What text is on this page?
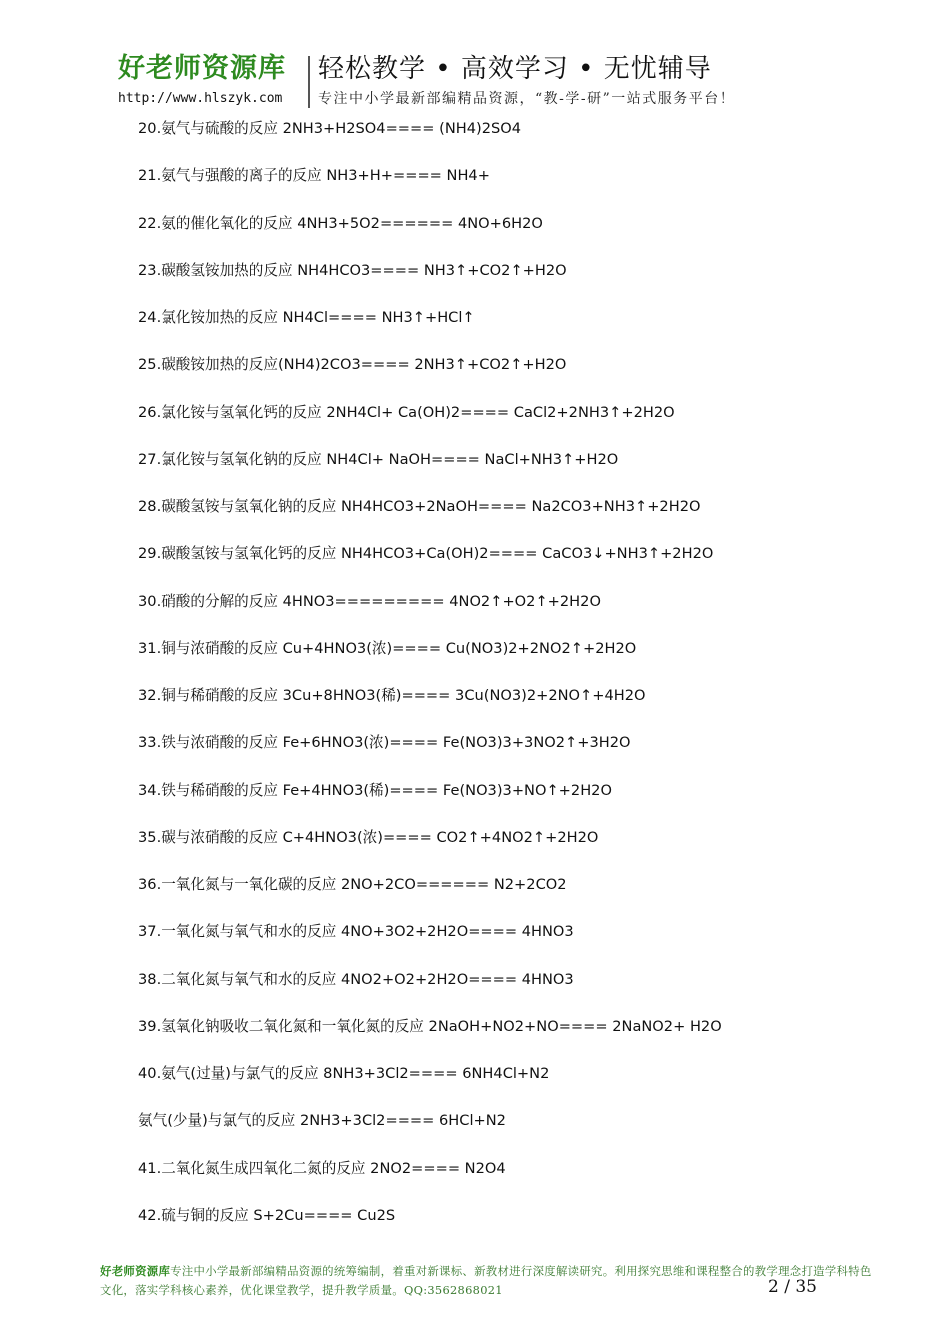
好老师资源库 轻松教学 • 高效学习 • 无忧辅导
http://www.hlszyk.com	专注中小学最新部编精品资源，“教-学-研”一站式服务平台！
20.氨气与硫酸的反应 2NH3+H2SO4==== (NH4)2SO4
21.氨气与强酸的离子的反应 NH3+H+==== NH4+
22.氨的催化氧化的反应 4NH3+5O2====== 4NO+6H2O
23.碳酸氢铵加热的反应 NH4HCO3==== NH3↑+CO2↑+H2O
24.氯化铵加热的反应 NH4Cl==== NH3↑+HCl↑
25.碳酸铵加热的反应(NH4)2CO3==== 2NH3↑+CO2↑+H2O
26.氯化铵与氢氧化钙的反应 2NH4Cl+ Ca(OH)2==== CaCl2+2NH3↑+2H2O
27.氯化铵与氢氧化钠的反应 NH4Cl+ NaOH==== NaCl+NH3↑+H2O
28.碳酸氢铵与氢氧化钠的反应 NH4HCO3+2NaOH==== Na2CO3+NH3↑+2H2O
29.碳酸氢铵与氢氧化钙的反应 NH4HCO3+Ca(OH)2==== CaCO3↓+NH3↑+2H2O
30.硝酸的分解的反应 4HNO3========= 4NO2↑+O2↑+2H2O
31.铜与浓硝酸的反应 Cu+4HNO3(浓)==== Cu(NO3)2+2NO2↑+2H2O
32.铜与稀硝酸的反应 3Cu+8HNO3(稀)==== 3Cu(NO3)2+2NO↑+4H2O
33.铁与浓硝酸的反应 Fe+6HNO3(浓)==== Fe(NO3)3+3NO2↑+3H2O
34.铁与稀硝酸的反应 Fe+4HNO3(稀)==== Fe(NO3)3+NO↑+2H2O
35.碳与浓硝酸的反应 C+4HNO3(浓)==== CO2↑+4NO2↑+2H2O
36.一氧化氮与一氧化碳的反应 2NO+2CO====== N2+2CO2
37.一氧化氮与氧气和水的反应 4NO+3O2+2H2O==== 4HNO3
38.二氧化氮与氧气和水的反应 4NO2+O2+2H2O==== 4HNO3
39.氢氧化钠吸收二氧化氮和一氧化氮的反应 2NaOH+NO2+NO==== 2NaNO2+ H2O
40.氨气(过量)与氯气的反应 8NH3+3Cl2==== 6NH4Cl+N2
氨气(少量)与氯气的反应 2NH3+3Cl2==== 6HCl+N2
41.二氧化氮生成四氧化二氮的反应 2NO2==== N2O4
42.硫与铜的反应 S+2Cu==== Cu2S
好老师资源库专注中小学最新部编精品资源的统筹编制，着重对新课标、新教材进行深度解读研究。利用探究思维和课程整合的教学理念打造学科特色文化，落实学科核心素养，优化课堂教学，提升教学质量。QQ:3562868021	2 / 35
